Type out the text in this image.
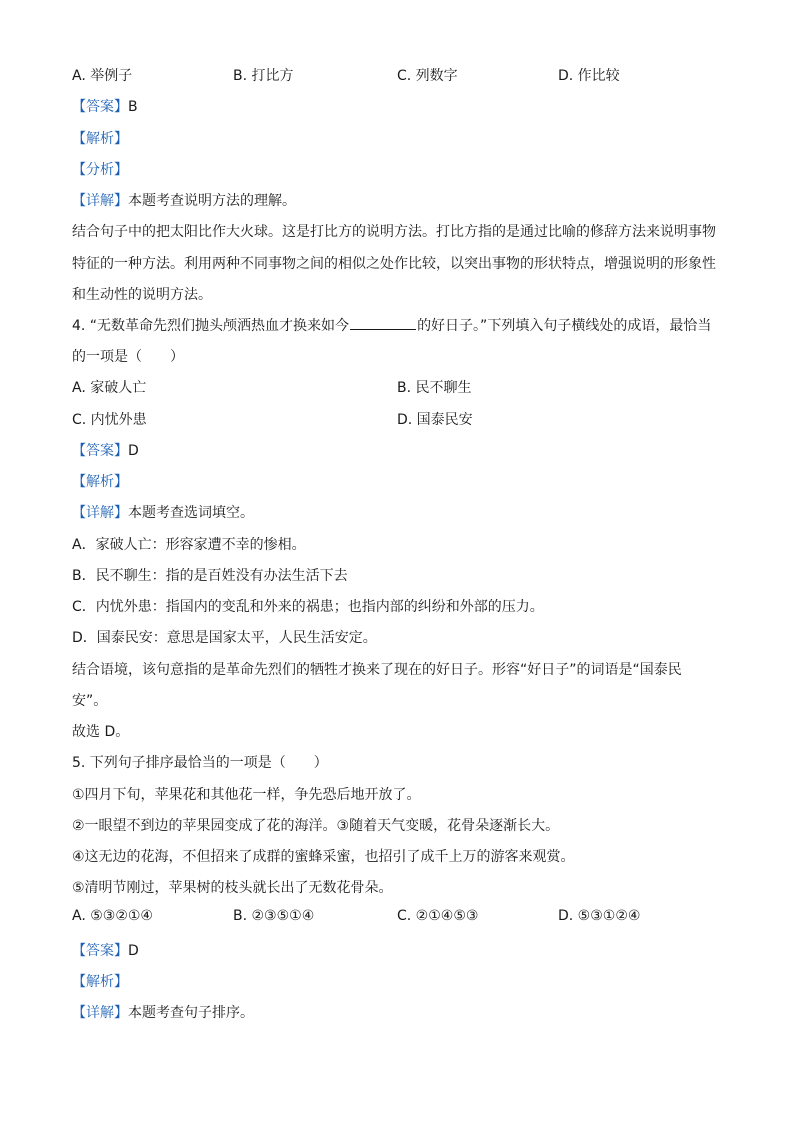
A. 举例子	B. 打比方	C. 列数字	D. 作比较
【答案】B
【解析】
【分析】
【详解】本题考查说明方法的理解。
结合句子中的把太阳比作大火球。这是打比方的说明方法。打比方指的是通过比喻的修辞方法来说明事物
特征的一种方法。利用两种不同事物之间的相似之处作比较，以突出事物的形状特点，增强说明的形象性
和生动性的说明方法。
4. “无数革命先烈们抛头颅洒热血才换来如今	的好日子。”下列填入句子横线处的成语，最恰当
的一项是（　　）
A. 家破人亡	B. 民不聊生
C. 内忧外患	D. 国泰民安
【答案】D
【解析】
【详解】本题考查选词填空。
A．家破人亡：形容家遭不幸的惨相。
B．民不聊生：指的是百姓没有办法生活下去
C．内忧外患：指国内的变乱和外来的祸患；也指内部的纠纷和外部的压力。
D．国泰民安：意思是国家太平，人民生活安定。
结合语境，该句意指的是革命先烈们的牺牲才换来了现在的好日子。形容“好日子”的词语是“国泰民
安”。
故选 D。
5. 下列句子排序最恰当的一项是（　　）
①四月下旬，苹果花和其他花一样，争先恐后地开放了。
②一眼望不到边的苹果园变成了花的海洋。③随着天气变暖，花骨朵逐渐长大。
④这无边的花海，不但招来了成群的蜜蜂采蜜，也招引了成千上万的游客来观赏。
⑤清明节刚过，苹果树的枝头就长出了无数花骨朵。
A. ⑤③②①④	B. ②③⑤①④	C. ②①④⑤③	D. ⑤③①②④
【答案】D
【解析】
【详解】本题考查句子排序。
